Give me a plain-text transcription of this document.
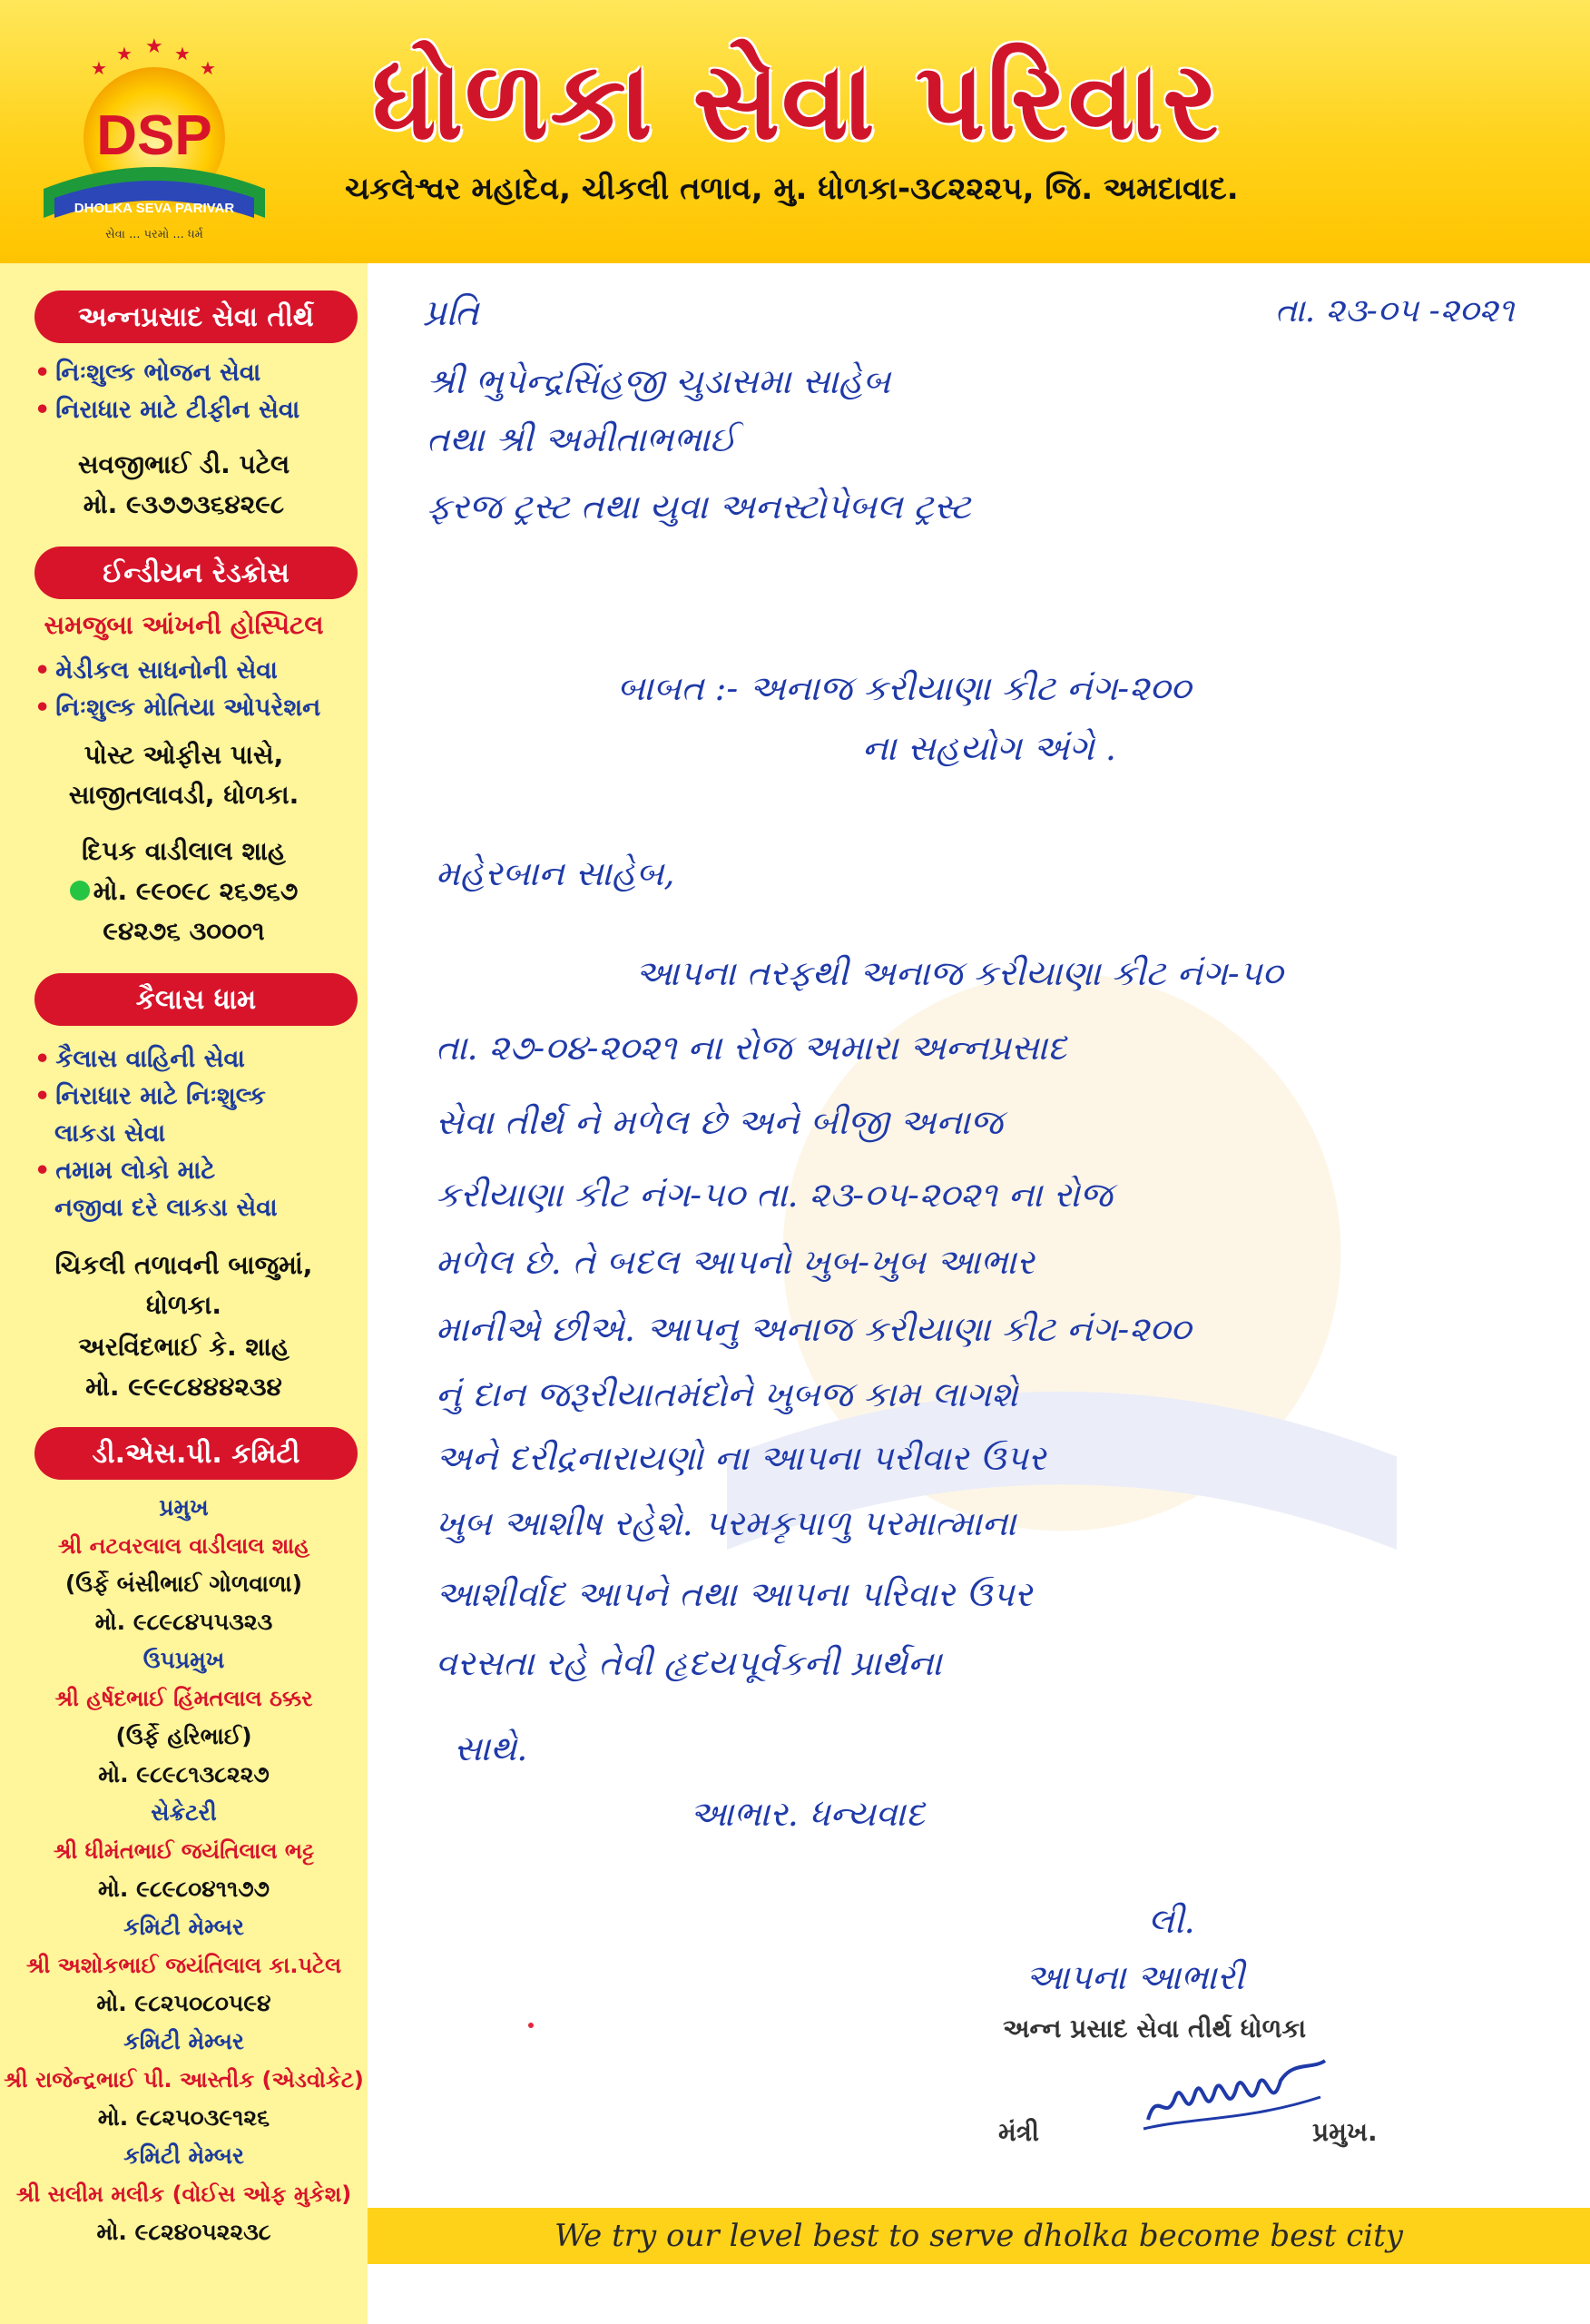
★
★ ★ ★
★
DSP
DHOLKA SEVA PARIVAR
સેવા ... પરમો ... ધર્મ
ધોળકા સેવા પરિવાર
ચકલેશ્વર મહાદેવ, ચીકલી તળાવ, મુ. ધોળકા-૩૮૨૨૨૫, જિ. અમદાવાદ.
અન્નપ્રસાદ સેવા તીર્થ
• નિઃશુલ્ક ભોજન સેવા
• નિરાધાર માટે ટીફીન સેવા
સવજીભાઈ ડી. પટેલ
મો. ૯૩૭૭૩૬૪૨૯૮
ઈન્ડીયન રેડક્રોસ
સમજુબા આંખની હોસ્પિટલ
• મેડીકલ સાધનોની સેવા
• નિઃશુલ્ક મોતિયા ઓપરેશન
પોસ્ટ ઓફીસ પાસે,
સાજીતલાવડી, ધોળકા.
દિપક વાડીલાલ શાહ
મો. ૯૯૦૯૮ ૨૬૭૬૭
૯૪૨૭૬ ૩૦૦૦૧
કૈલાસ ધામ
• કૈલાસ વાહિની સેવા
• નિરાધાર માટે નિઃશુલ્ક
લાકડા સેવા
• તમામ લોકો માટે
નજીવા દરે લાકડા સેવા
ચિકલી તળાવની બાજુમાં,
ધોળકા.
અરવિંદભાઈ કે. શાહ
મો. ૯૯૯૮૪૪૪૨૩૪
ડી.એસ.પી. કમિટી
પ્રમુખ
શ્રી નટવરલાલ વાડીલાલ શાહ
(ઉર્ફે બંસીભાઈ ગોળવાળા)
મો. ૯૮૯૮૪૫૫૩૨૩
ઉપપ્રમુખ
શ્રી હર્ષદભાઈ હિંમતલાલ ઠક્કર
(ઉર્ફે હરિભાઈ)
મો. ૯૮૯૮૧૩૮૨૨૭
સેક્રેટરી
શ્રી ધીમંતભાઈ જયંતિલાલ ભટ્ટ
મો. ૯૮૯૮૦૪૧૧૭૭
કમિટી મેમ્બર
શ્રી અશોકભાઈ જયંતિલાલ કા.પટેલ
મો. ૯૮૨૫૦૮૦૫૯૪
કમિટી મેમ્બર
શ્રી રાજેન્દ્રભાઈ પી. આસ્તીક (એડવોકેટ)
મો. ૯૮૨૫૦૩૯૧૨૬
કમિટી મેમ્બર
શ્રી સલીમ મલીક (વોઈસ ઓફ મુકેશ)
મો. ૯૮૨૪૦૫૨૨૩૮
પ્રતિ	તા. ૨૩-૦૫ -૨૦૨૧
શ્રી ભુપેન્દ્રસિંહજી ચુડાસમા સાહેબ
તથા શ્રી અમીતાભભાઈ
ફરજ ટ્રસ્ટ તથા યુવા અનસ્ટોપેબલ ટ્રસ્ટ
બાબત :- અનાજ કરીયાણા કીટ નંગ-૨૦૦
ના સહયોગ અંગે .
મહેરબાન સાહેબ,
આપના તરફથી અનાજ કરીયાણા કીટ નંગ-૫૦
તા. ૨૭-૦૪-૨૦૨૧ ના રોજ અમારા અન્નપ્રસાદ
સેવા તીર્થ ને મળેલ છે અને બીજી અનાજ
કરીયાણા કીટ નંગ-૫૦ તા. ૨૩-૦૫-૨૦૨૧ ના રોજ
મળેલ છે. તે બદલ આપનો ખુબ-ખુબ આભાર
માનીએ છીએ. આપનુ અનાજ કરીયાણા કીટ નંગ-૨૦૦
નું દાન જરૂરીયાતમંદોને ખુબજ કામ લાગશે
અને દરીદ્રનારાયણો ના આપના પરીવાર ઉપર
ખુબ આશીષ રહેશે. પરમકૃપાળુ પરમાત્માના
આશીર્વાદ આપને તથા આપના પરિવાર ઉપર
વરસતા રહે તેવી હૃદયપૂર્વકની પ્રાર્થના
સાથે.
આભાર. ધન્યવાદ
લી.
આપના આભારી
અન્ન પ્રસાદ સેવા તીર્થ ધોળકા
મંત્રી	પ્રમુખ.
We try our level best to serve dholka become best city
